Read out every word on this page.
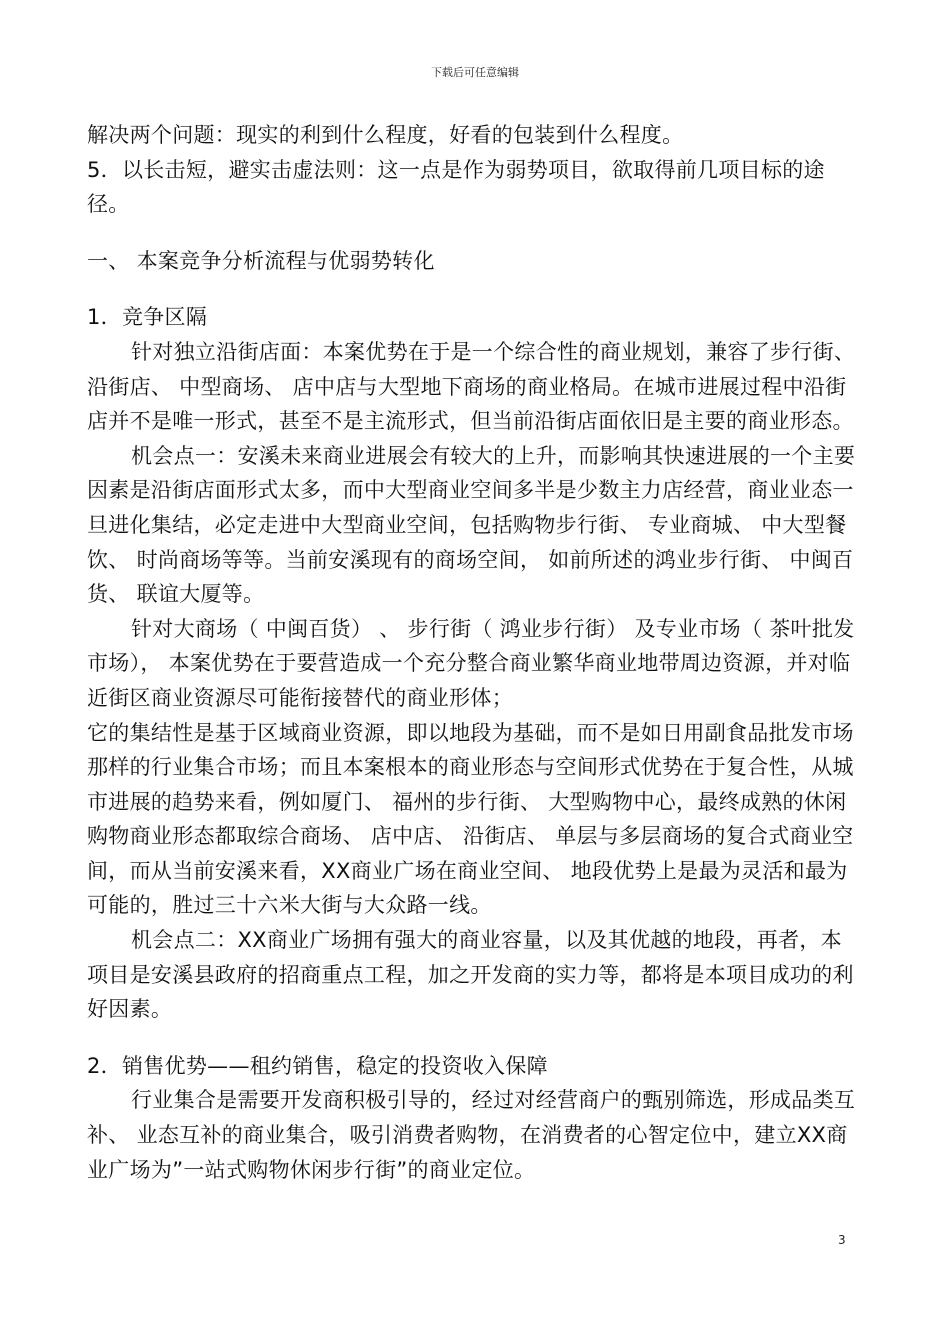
下载后可任意编辑

解决两个问题：现实的利到什么程度，好看的包装到什么程度。

5．以长击短，避实击虚法则：这一点是作为弱势项目，欲取得前几项目标的途径。

一、 本案竞争分析流程与优弱势转化

1．竞争区隔

针对独立沿街店面：本案优势在于是一个综合性的商业规划，兼容了步行街、 沿街店、 中型商场、 店中店与大型地下商场的商业格局。在城市进展过程中沿街店并不是唯一形式，甚至不是主流形式，但当前沿街店面依旧是主要的商业形态。

机会点一：安溪未来商业进展会有较大的上升，而影响其快速进展的一个主要因素是沿街店面形式太多，而中大型商业空间多半是少数主力店经营，商业业态一旦进化集结，必定走进中大型商业空间，包括购物步行街、 专业商城、 中大型餐饮、 时尚商场等等。当前安溪现有的商场空间， 如前所述的鸿业步行街、 中闽百货、 联谊大厦等。

针对大商场（ 中闽百货） 、 步行街（ 鸿业步行街） 及专业市场（ 茶叶批发市场）， 本案优势在于要营造成一个充分整合商业繁华商业地带周边资源，并对临近街区商业资源尽可能衔接替代的商业形体；

它的集结性是基于区域商业资源，即以地段为基础，而不是如日用副食品批发市场那样的行业集合市场；而且本案根本的商业形态与空间形式优势在于复合性，从城市进展的趋势来看，例如厦门、 福州的步行街、 大型购物中心，最终成熟的休闲购物商业形态都取综合商场、 店中店、 沿街店、 单层与多层商场的复合式商业空间，而从当前安溪来看，XX商业广场在商业空间、 地段优势上是最为灵活和最为可能的，胜过三十六米大街与大众路一线。

机会点二：XX商业广场拥有强大的商业容量，以及其优越的地段，再者，本项目是安溪县政府的招商重点工程，加之开发商的实力等，都将是本项目成功的利好因素。

2．销售优势——租约销售，稳定的投资收入保障

行业集合是需要开发商积极引导的，经过对经营商户的甄别筛选，形成品类互补、 业态互补的商业集合，吸引消费者购物，在消费者的心智定位中，建立XX商业广场为”一站式购物休闲步行街”的商业定位。

3
